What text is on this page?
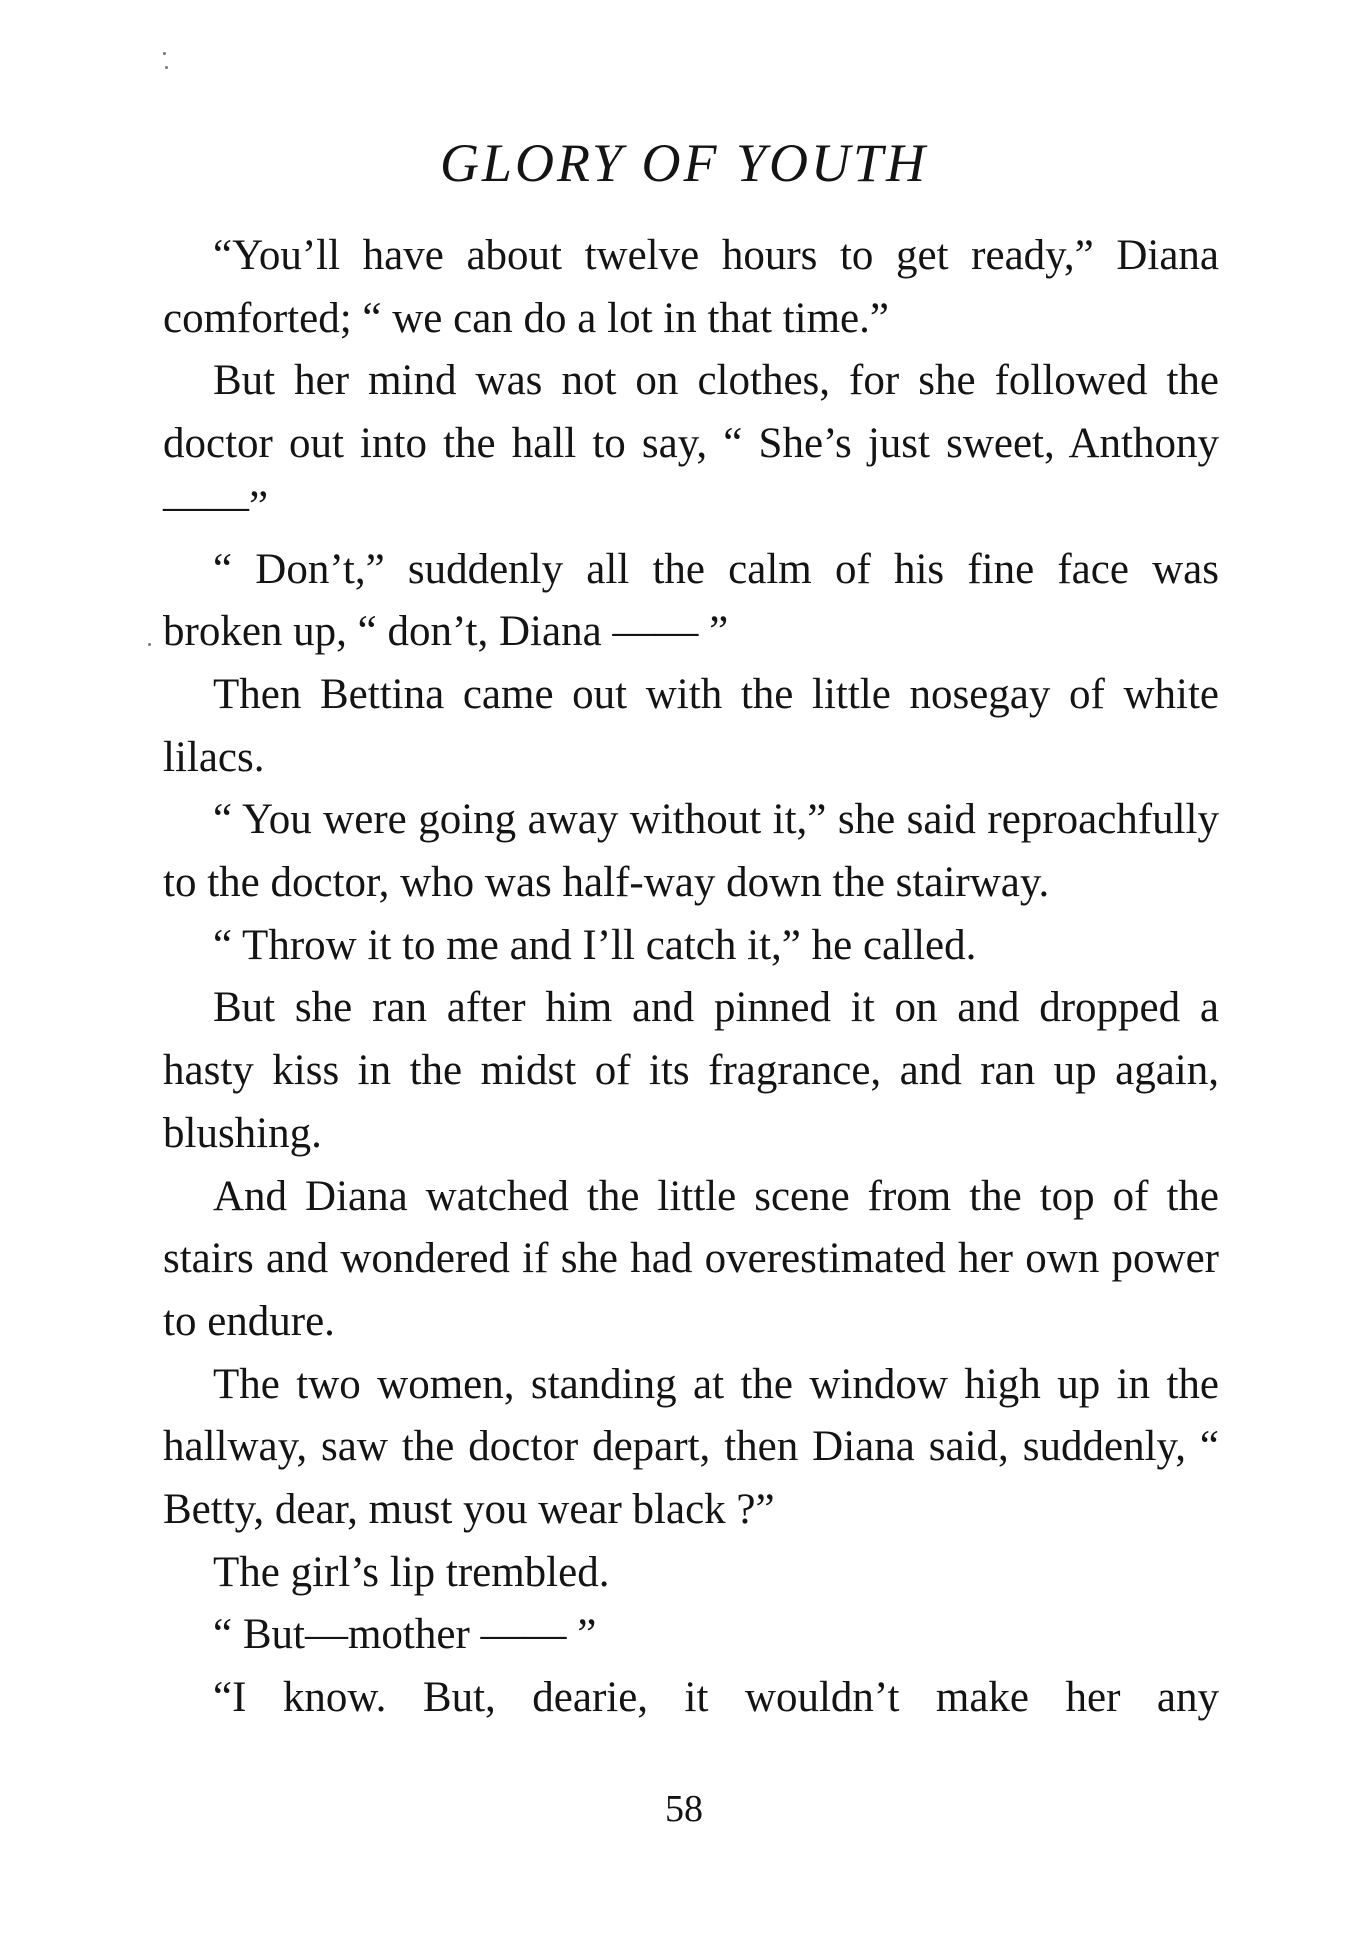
GLORY OF YOUTH

“You’ll have about twelve hours to get ready,” Diana comforted; “ we can do a lot in that time.”

But her mind was not on clothes, for she followed the doctor out into the hall to say, “ She’s just sweet, Anthony ——”

“ Don’t,” suddenly all the calm of his fine face was broken up, “ don’t, Diana —— ”

Then Bettina came out with the little nosegay of white lilacs.

“ You were going away without it,” she said reproachfully to the doctor, who was half-way down the stairway.

“ Throw it to me and I’ll catch it,” he called.

But she ran after him and pinned it on and dropped a hasty kiss in the midst of its fragrance, and ran up again, blushing.

And Diana watched the little scene from the top of the stairs and wondered if she had overestimated her own power to endure.

The two women, standing at the window high up in the hallway, saw the doctor depart, then Diana said, suddenly, “ Betty, dear, must you wear black ?”

The girl’s lip trembled.

“ But—mother —— ”

“I know. But, dearie, it wouldn’t make her any

58
